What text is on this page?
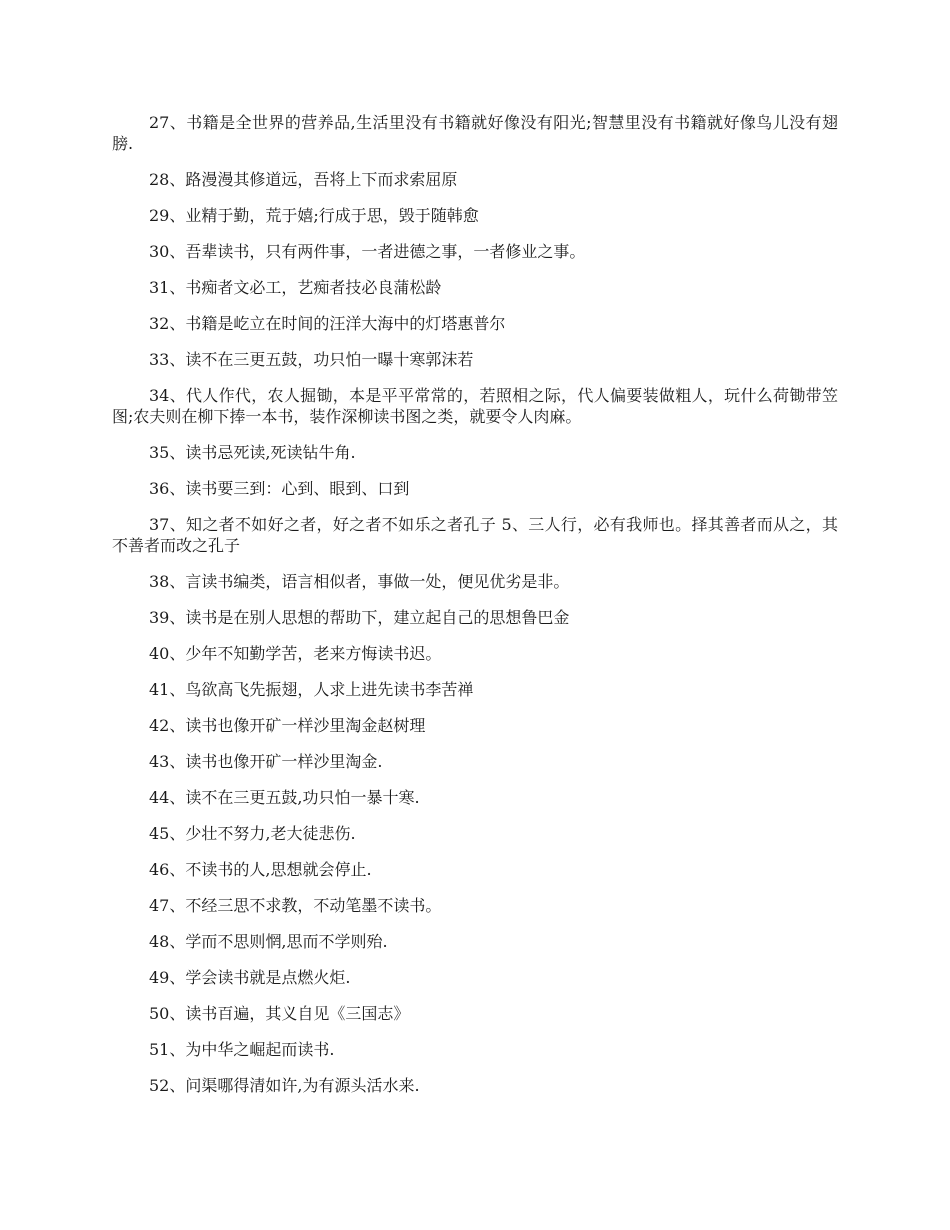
27、书籍是全世界的营养品,生活里没有书籍就好像没有阳光;智慧里没有书籍就好像鸟儿没有翅膀.

28、路漫漫其修道远，吾将上下而求索屈原

29、业精于勤，荒于嬉;行成于思，毁于随韩愈

30、吾辈读书，只有两件事，一者进德之事，一者修业之事。

31、书痴者文必工，艺痴者技必良蒲松龄

32、书籍是屹立在时间的汪洋大海中的灯塔惠普尔

33、读不在三更五鼓，功只怕一曝十寒郭沫若

34、代人作代，农人掘锄，本是平平常常的，若照相之际，代人偏要装做粗人，玩什么荷锄带笠图;农夫则在柳下捧一本书，装作深柳读书图之类，就要令人肉麻。

35、读书忌死读,死读钻牛角.

36、读书要三到：心到、眼到、口到

37、知之者不如好之者，好之者不如乐之者孔子 5、三人行，必有我师也。择其善者而从之，其不善者而改之孔子

38、言读书编类，语言相似者，事做一处，便见优劣是非。

39、读书是在别人思想的帮助下，建立起自己的思想鲁巴金

40、少年不知勤学苦，老来方悔读书迟。

41、鸟欲高飞先振翅，人求上进先读书李苦禅

42、读书也像开矿一样沙里淘金赵树理

43、读书也像开矿一样沙里淘金.

44、读不在三更五鼓,功只怕一暴十寒.

45、少壮不努力,老大徒悲伤.

46、不读书的人,思想就会停止.

47、不经三思不求教，不动笔墨不读书。

48、学而不思则惘,思而不学则殆.

49、学会读书就是点燃火炬.

50、读书百遍，其义自见《三国志》

51、为中华之崛起而读书.

52、问渠哪得清如许,为有源头活水来.
